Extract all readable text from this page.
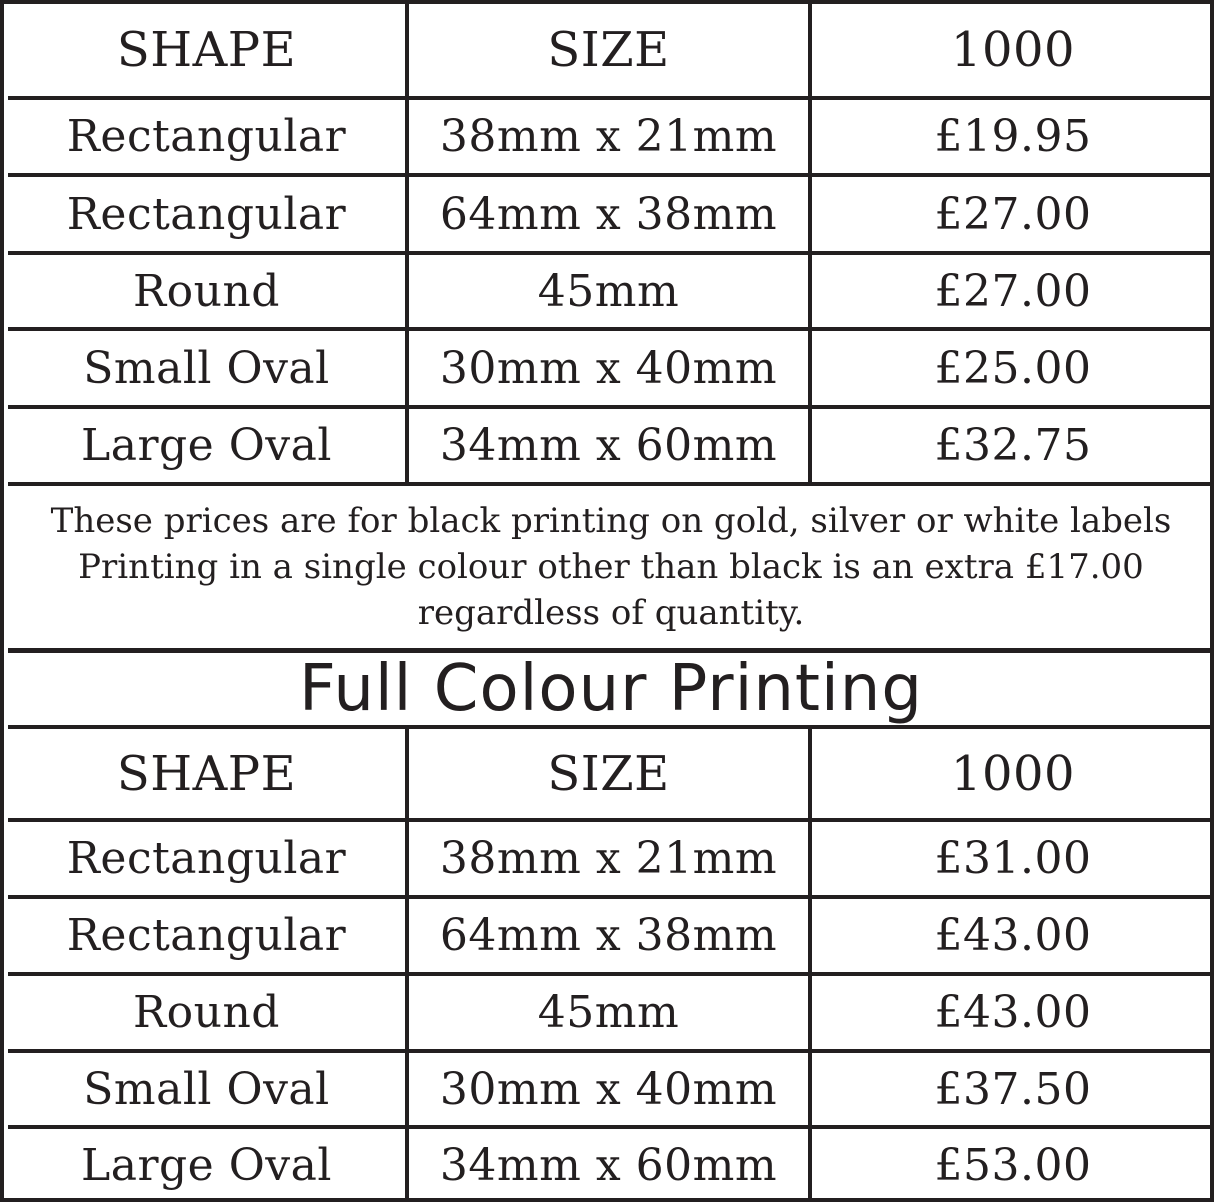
SHAPE	SIZE	1000
Rectangular	38mm x 21mm	£19.95
Rectangular	64mm x 38mm	£27.00
Round	45mm	£27.00
Small Oval	30mm x 40mm	£25.00
Large Oval	34mm x 60mm	£32.75
These prices are for black printing on gold, silver or white labels
Printing in a single colour other than black is an extra £17.00
regardless of quantity.
Full Colour Printing
SHAPE	SIZE	1000
Rectangular	38mm x 21mm	£31.00
Rectangular	64mm x 38mm	£43.00
Round	45mm	£43.00
Small Oval	30mm x 40mm	£37.50
Large Oval	34mm x 60mm	£53.00
